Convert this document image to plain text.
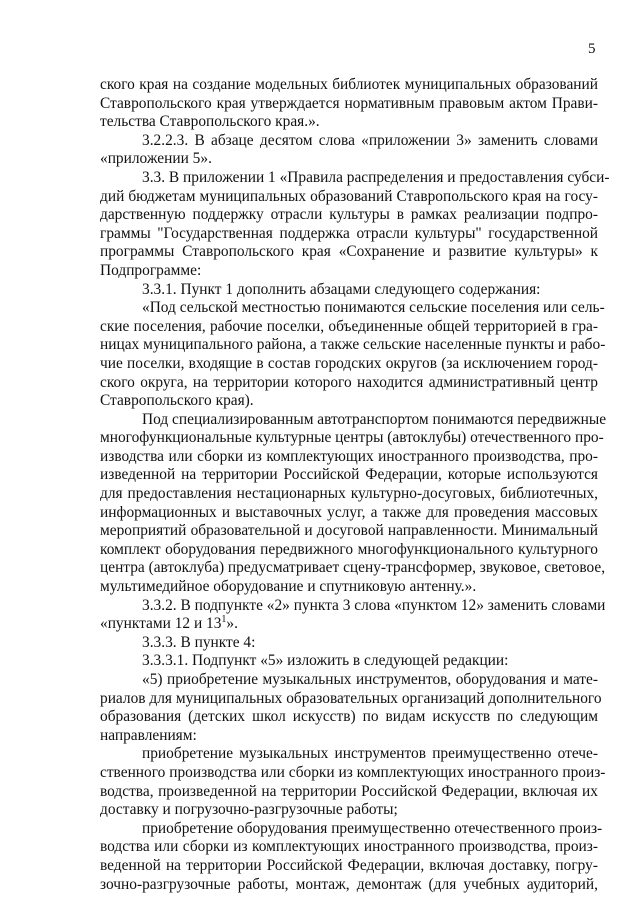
5
ского края на создание модельных библиотек муниципальных образований
Ставропольского края утверждается нормативным правовым актом Прави-
тельства Ставропольского края.».
3.2.2.3. В абзаце десятом слова «приложении 3» заменить словами
«приложении 5».
3.3. В приложении 1 «Правила распределения и предоставления субси-
дий бюджетам муниципальных образований Ставропольского края на госу-
дарственную поддержку отрасли культуры в рамках реализации подпро-
граммы "Государственная поддержка отрасли культуры" государственной
программы Ставропольского края «Сохранение и развитие культуры» к
Подпрограмме:
3.3.1. Пункт 1 дополнить абзацами следующего содержания:
«Под сельской местностью понимаются сельские поселения или сель-
ские поселения, рабочие поселки, объединенные общей территорией в гра-
ницах муниципального района, а также сельские населенные пункты и рабо-
чие поселки, входящие в состав городских округов (за исключением город-
ского округа, на территории которого находится административный центр
Ставропольского края).
Под специализированным автотранспортом понимаются передвижные
многофункциональные культурные центры (автоклубы) отечественного про-
изводства или сборки из комплектующих иностранного производства, про-
изведенной на территории Российской Федерации, которые используются
для предоставления нестационарных культурно-досуговых, библиотечных,
информационных и выставочных услуг, а также для проведения массовых
мероприятий образовательной и досуговой направленности. Минимальный
комплект оборудования передвижного многофункционального культурного
центра (автоклуба) предусматривает сцену-трансформер, звуковое, световое,
мультимедийное оборудование и спутниковую антенну.».
3.3.2. В подпункте «2» пункта 3 слова «пунктом 12» заменить словами
«пунктами 12 и $13^1$».
3.3.3. В пункте 4:
3.3.3.1. Подпункт «5» изложить в следующей редакции:
«5) приобретение музыкальных инструментов, оборудования и мате-
риалов для муниципальных образовательных организаций дополнительного
образования (детских школ искусств) по видам искусств по следующим
направлениям:
приобретение музыкальных инструментов преимущественно отече-
ственного производства или сборки из комплектующих иностранного произ-
водства, произведенной на территории Российской Федерации, включая их
доставку и погрузочно-разгрузочные работы;
приобретение оборудования преимущественно отечественного произ-
водства или сборки из комплектующих иностранного производства, произ-
веденной на территории Российской Федерации, включая доставку, погру-
зочно-разгрузочные работы, монтаж, демонтаж (для учебных аудиторий,
